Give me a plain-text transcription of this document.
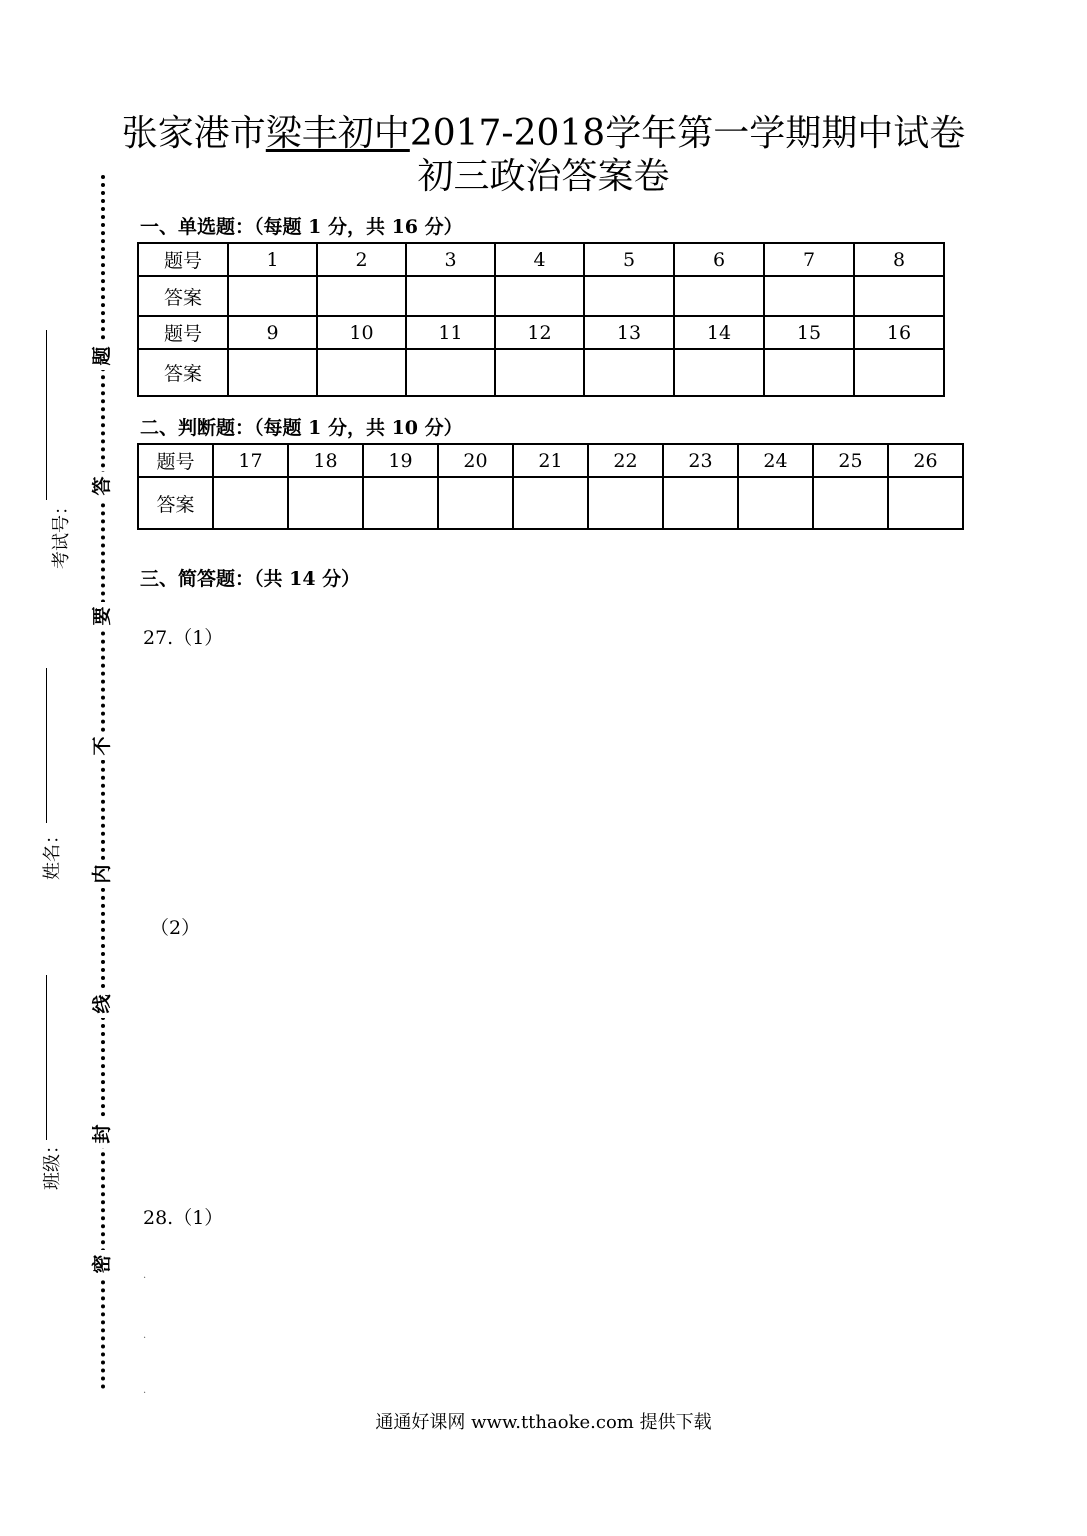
张家港市梁丰初中2017-2018学年第一学期期中试卷
初三政治答案卷
一、单选题：（每题 1 分，共 16 分）
题号	1	2	3	4	5	6	7	8
答案								
题号	9	10	11	12	13	14	15	16
答案								
二、判断题：（每题 1 分，共 10 分）
题号	17	18	19	20	21	22	23	24	25	26
答案										
三、简答题：（共 14 分）
27.（1）
（2）
28.（1）
.
.
.
题
答
要
不
内
线
封
密
考试号：
姓名：
班级：
通通好课网 www.tthaoke.com 提供下载
